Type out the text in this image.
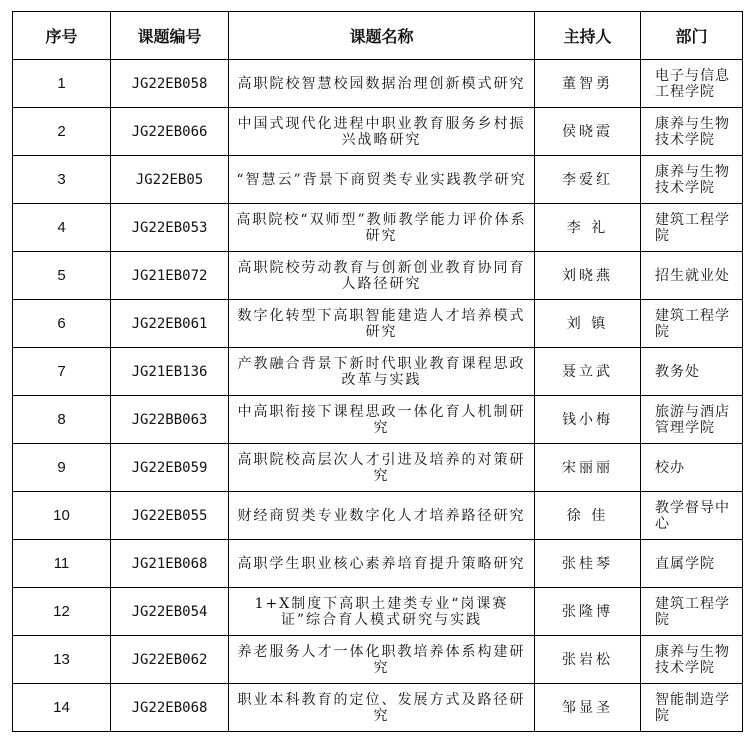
序号	课题编号	课题名称	主持人	部门
1	JG22EB058	高职院校智慧校园数据治理创新模式研究	董智勇	电子与信息工程学院
2	JG22EB066	中国式现代化进程中职业教育服务乡村振兴战略研究	侯晓霞	康养与生物技术学院
3	JG22EB05	“智慧云”背景下商贸类专业实践教学研究	李爱红	康养与生物技术学院
4	JG22EB053	高职院校“双师型”教师教学能力评价体系研究	李 礼	建筑工程学院
5	JG21EB072	高职院校劳动教育与创新创业教育协同育人路径研究	刘晓燕	招生就业处
6	JG22EB061	数字化转型下高职智能建造人才培养模式研究	刘 镇	建筑工程学院
7	JG21EB136	产教融合背景下新时代职业教育课程思政改革与实践	聂立武	教务处
8	JG22BB063	中高职衔接下课程思政一体化育人机制研究	钱小梅	旅游与酒店管理学院
9	JG22EB059	高职院校高层次人才引进及培养的对策研究	宋丽丽	校办
10	JG22EB055	财经商贸类专业数字化人才培养路径研究	徐 佳	教学督导中心
11	JG21EB068	高职学生职业核心素养培育提升策略研究	张桂琴	直属学院
12	JG22EB054	1+X制度下高职土建类专业“岗课赛证”综合育人模式研究与实践	张隆博	建筑工程学院
13	JG22EB062	养老服务人才一体化职教培养体系构建研究	张岩松	康养与生物技术学院
14	JG22EB068	职业本科教育的定位、发展方式及路径研究	邹显圣	智能制造学院
